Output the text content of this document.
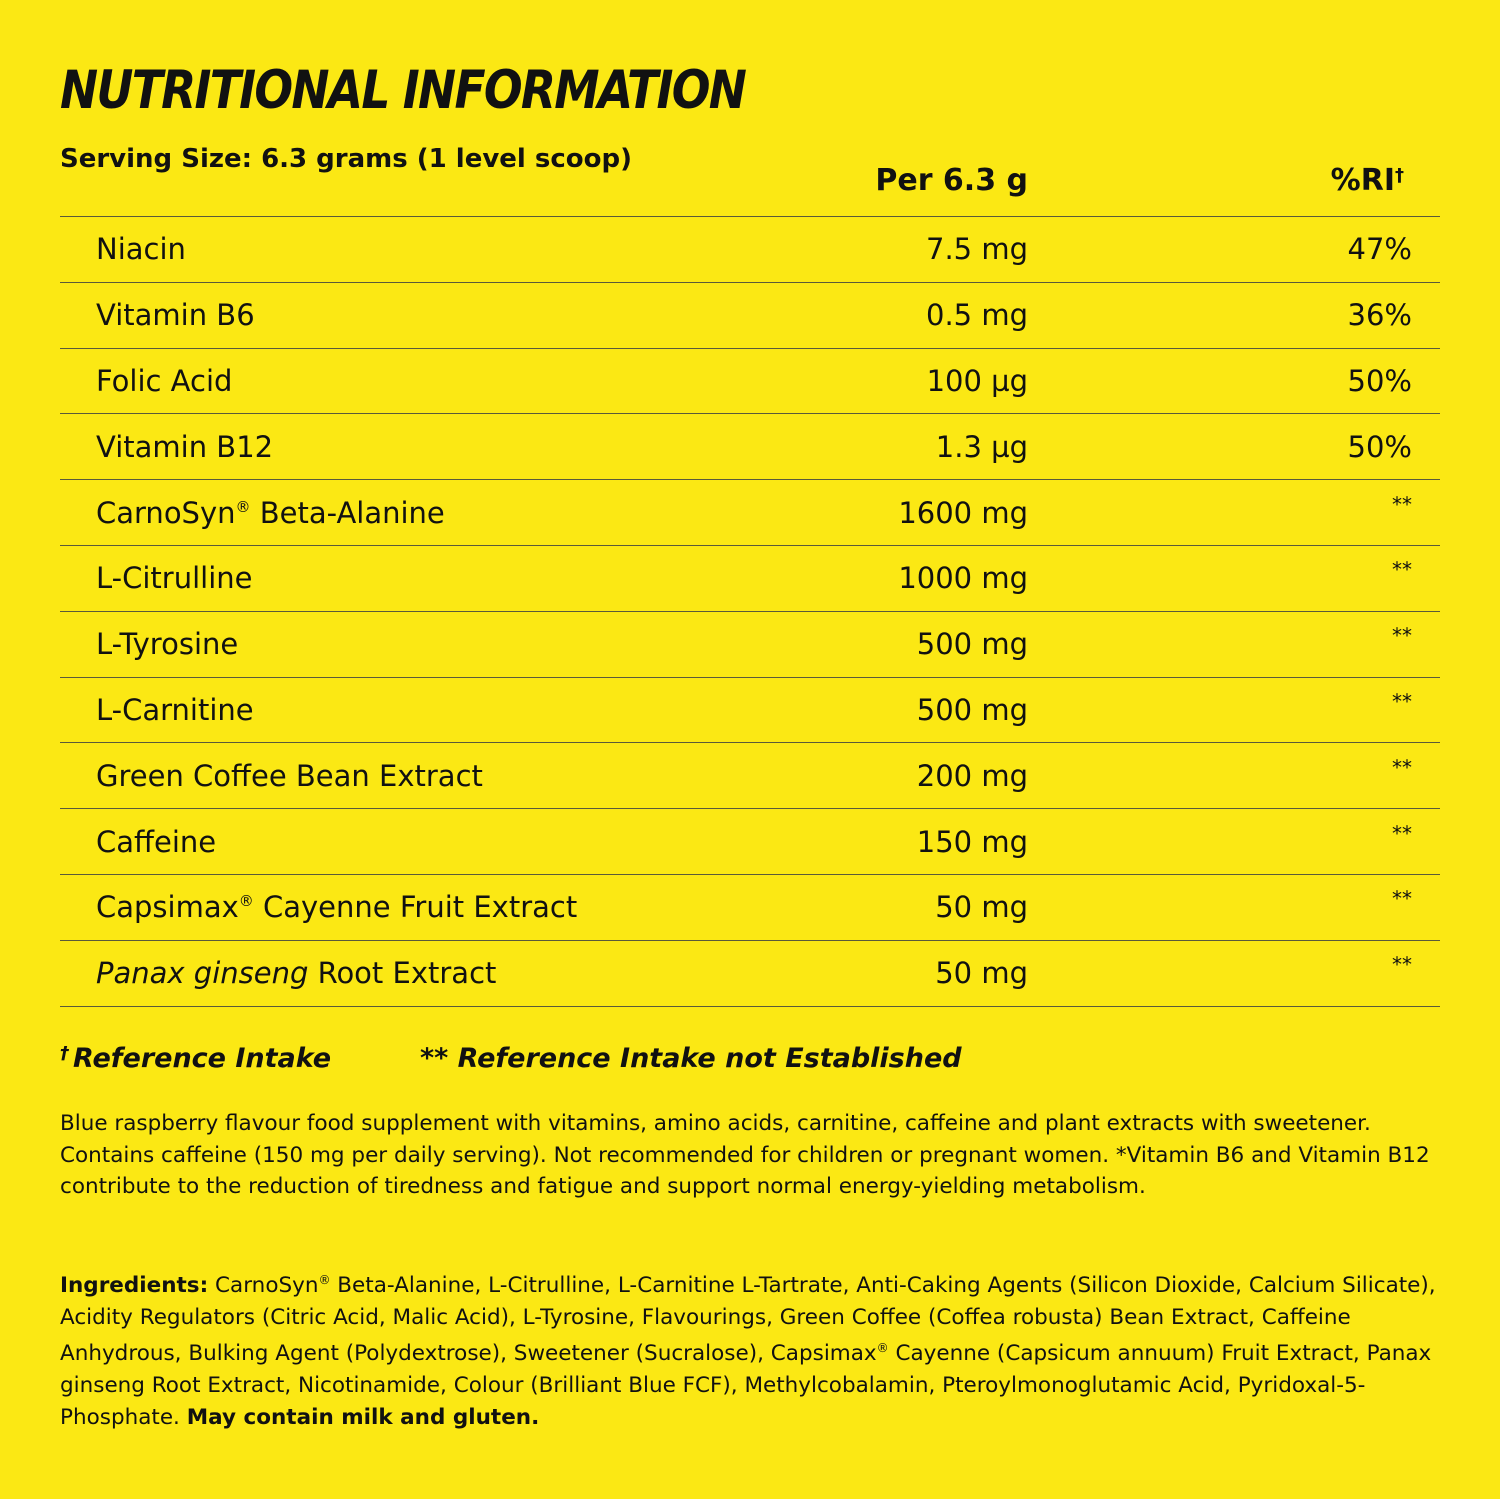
NUTRITIONAL INFORMATION
Serving Size: 6.3 grams (1 level scoop)
Per 6.3 g	%RI†
Niacin	7.5 mg	47%
Vitamin B6	0.5 mg	36%
Folic Acid	100 µg	50%
Vitamin B12	1.3 µg	50%
CarnoSyn® Beta-Alanine	1600 mg	**
L-Citrulline	1000 mg	**
L-Tyrosine	500 mg	**
L-Carnitine	500 mg	**
Green Coffee Bean Extract	200 mg	**
Caffeine	150 mg	**
Capsimax® Cayenne Fruit Extract	50 mg	**
Panax ginseng Root Extract	50 mg	**
† Reference Intake	** Reference Intake not Established

Blue raspberry flavour food supplement with vitamins, amino acids, carnitine, caffeine and plant extracts with sweetener. Contains caffeine (150 mg per daily serving). Not recommended for children or pregnant women. *Vitamin B6 and Vitamin B12 contribute to the reduction of tiredness and fatigue and support normal energy-yielding metabolism.

Ingredients: CarnoSyn® Beta-Alanine, L-Citrulline, L-Carnitine L-Tartrate, Anti-Caking Agents (Silicon Dioxide, Calcium Silicate), Acidity Regulators (Citric Acid, Malic Acid), L-Tyrosine, Flavourings, Green Coffee (Coffea robusta) Bean Extract, Caffeine Anhydrous, Bulking Agent (Polydextrose), Sweetener (Sucralose), Capsimax® Cayenne (Capsicum annuum) Fruit Extract, Panax ginseng Root Extract, Nicotinamide, Colour (Brilliant Blue FCF), Methylcobalamin, Pteroylmonoglutamic Acid, Pyridoxal-5-Phosphate. May contain milk and gluten.
